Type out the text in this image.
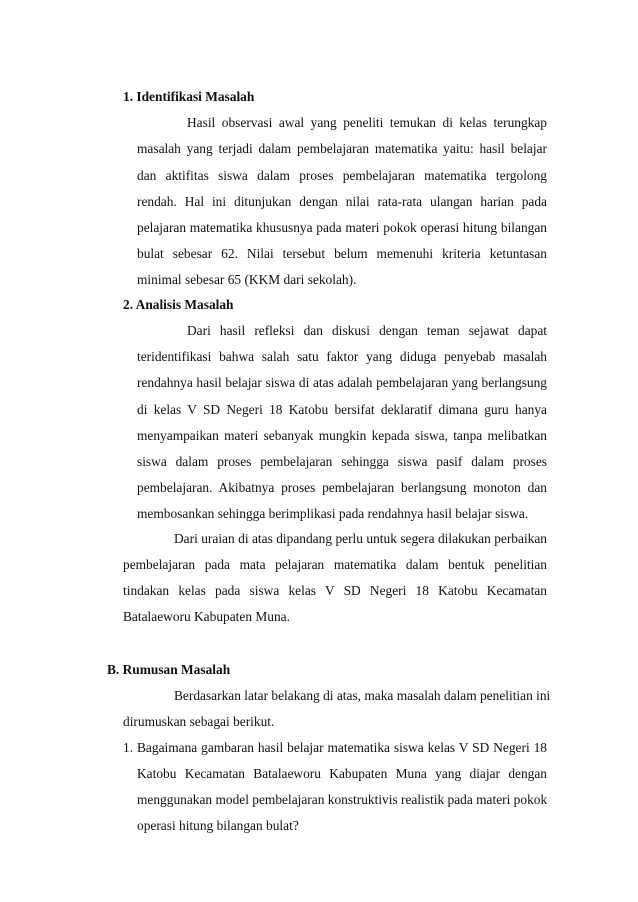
1. Identifikasi Masalah
Hasil observasi awal yang peneliti temukan di kelas terungkap
masalah yang terjadi dalam pembelajaran matematika yaitu: hasil belajar
dan aktifitas siswa dalam proses pembelajaran matematika tergolong
rendah. Hal ini ditunjukan dengan nilai rata-rata ulangan harian pada
pelajaran matematika khususnya pada materi pokok operasi hitung bilangan
bulat sebesar 62. Nilai tersebut belum memenuhi kriteria ketuntasan
minimal sebesar 65 (KKM dari sekolah).
2. Analisis Masalah
Dari hasil refleksi dan diskusi dengan teman sejawat dapat
teridentifikasi bahwa salah satu faktor yang diduga penyebab masalah
rendahnya hasil belajar siswa di atas adalah pembelajaran yang berlangsung
di kelas V SD Negeri 18 Katobu bersifat deklaratif dimana guru hanya
menyampaikan materi sebanyak mungkin kepada siswa, tanpa melibatkan
siswa dalam proses pembelajaran sehingga siswa pasif dalam proses
pembelajaran. Akibatnya proses pembelajaran berlangsung monoton dan
membosankan sehingga berimplikasi pada rendahnya hasil belajar siswa.
Dari uraian di atas dipandang perlu untuk segera dilakukan perbaikan
pembelajaran pada mata pelajaran matematika dalam bentuk penelitian
tindakan kelas pada siswa kelas V SD Negeri 18 Katobu Kecamatan
Batalaeworu Kabupaten Muna.
B. Rumusan Masalah
Berdasarkan latar belakang di atas, maka masalah dalam penelitian ini
dirumuskan sebagai berikut.
1. Bagaimana gambaran hasil belajar matematika siswa kelas V SD Negeri 18
Katobu Kecamatan Batalaeworu Kabupaten Muna yang diajar dengan
menggunakan model pembelajaran konstruktivis realistik pada materi pokok
operasi hitung bilangan bulat?
